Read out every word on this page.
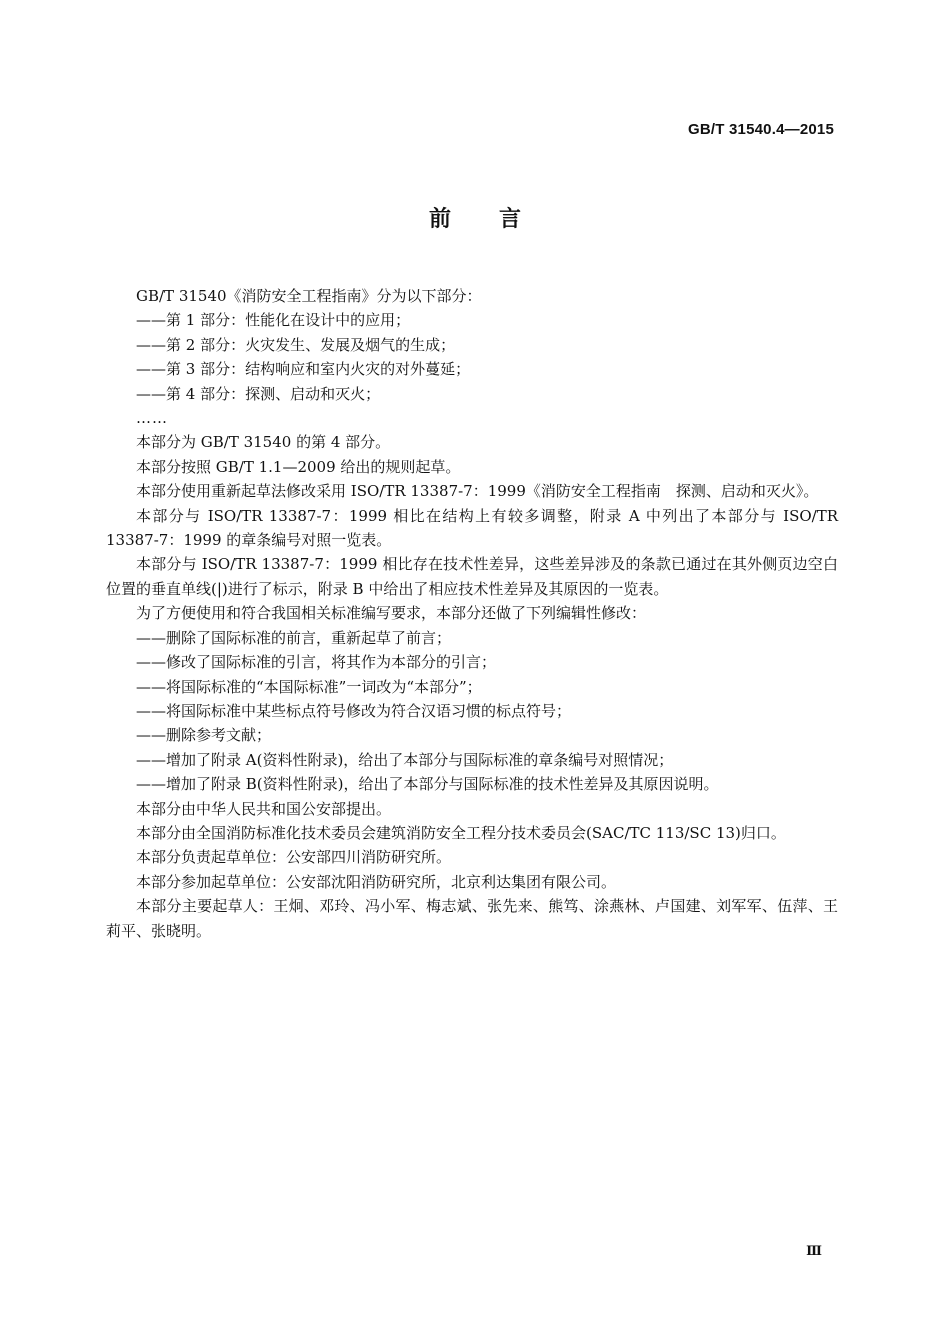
GB/T 31540.4—2015
前言

GB/T 31540《消防安全工程指南》分为以下部分：

——第 1 部分：性能化在设计中的应用；

——第 2 部分：火灾发生、发展及烟气的生成；

——第 3 部分：结构响应和室内火灾的对外蔓延；

——第 4 部分：探测、启动和灭火；

……

本部分为 GB/T 31540 的第 4 部分。

本部分按照 GB/T 1.1—2009 给出的规则起草。

本部分使用重新起草法修改采用 ISO/TR 13387-7：1999《消防安全工程指南　探测、启动和灭火》。

本部分与 ISO/TR 13387-7：1999 相比在结构上有较多调整，附录 A 中列出了本部分与 ISO/TR 13387-7：1999 的章条编号对照一览表。

本部分与 ISO/TR 13387-7：1999 相比存在技术性差异，这些差异涉及的条款已通过在其外侧页边空白位置的垂直单线(|)进行了标示，附录 B 中给出了相应技术性差异及其原因的一览表。

为了方便使用和符合我国相关标准编写要求，本部分还做了下列编辑性修改：

——删除了国际标准的前言，重新起草了前言；

——修改了国际标准的引言，将其作为本部分的引言；

——将国际标准的“本国际标准”一词改为“本部分”；

——将国际标准中某些标点符号修改为符合汉语习惯的标点符号；

——删除参考文献；

——增加了附录 A(资料性附录)，给出了本部分与国际标准的章条编号对照情况；

——增加了附录 B(资料性附录)，给出了本部分与国际标准的技术性差异及其原因说明。

本部分由中华人民共和国公安部提出。

本部分由全国消防标准化技术委员会建筑消防安全工程分技术委员会(SAC/TC 113/SC 13)归口。

本部分负责起草单位：公安部四川消防研究所。

本部分参加起草单位：公安部沈阳消防研究所，北京利达集团有限公司。

本部分主要起草人：王炯、邓玲、冯小军、梅志斌、张先来、熊笃、涂燕林、卢国建、刘军军、伍萍、王莉平、张晓明。

Ⅲ
